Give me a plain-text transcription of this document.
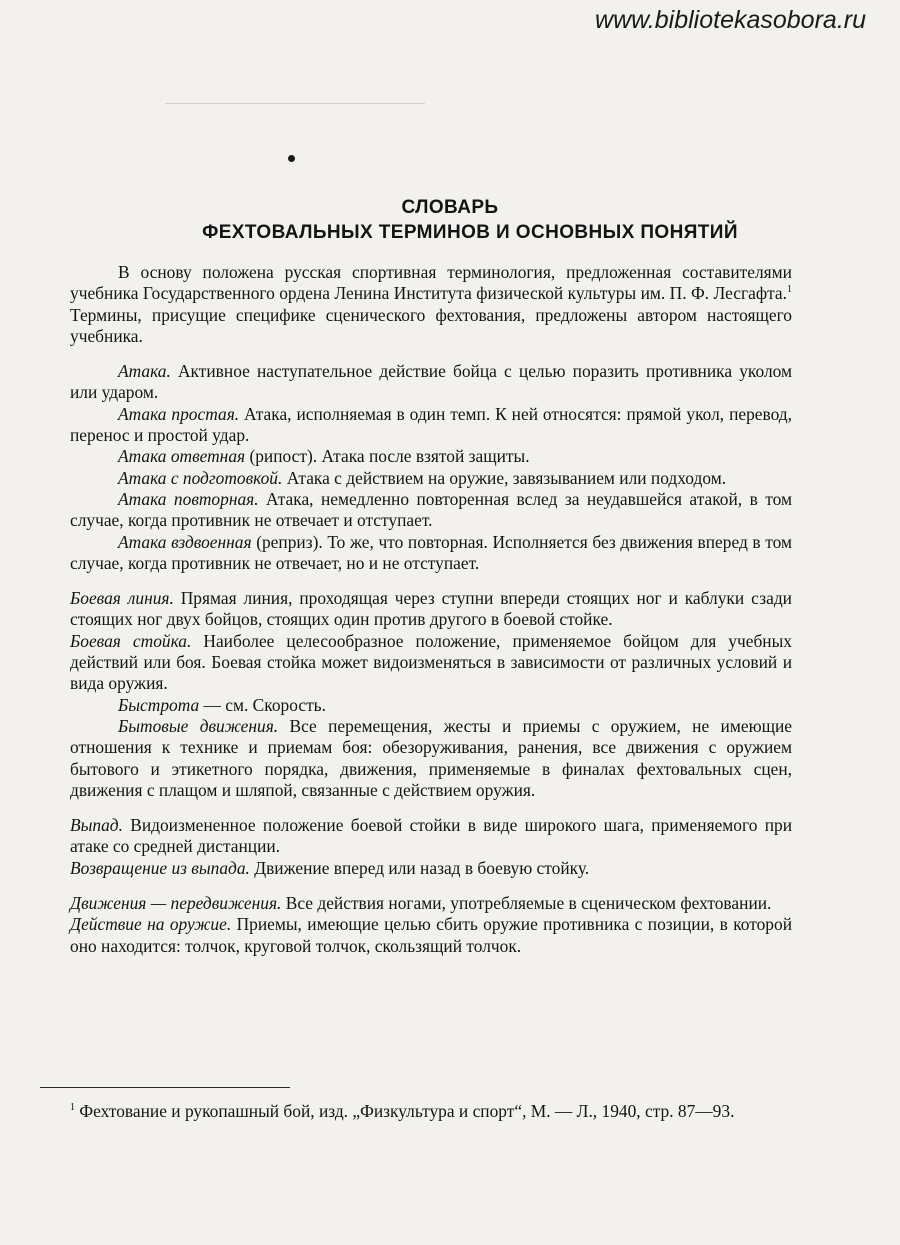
www.bibliotekasobora.ru
СЛОВАРЬ
ФЕХТОВАЛЬНЫХ ТЕРМИНОВ И ОСНОВНЫХ ПОНЯТИЙ

В основу положена русская спортивная терминология, предложенная составителями учебника Государственного ордена Ленина Института физической культуры им. П. Ф. Лесгафта.$^1$ Термины, присущие специфике сценического фехтования, предложены автором настоящего учебника.

Атака. Активное наступательное действие бойца с целью поразить противника уколом или ударом.

Атака простая. Атака, исполняемая в один темп. К ней относятся: прямой укол, перевод, перенос и простой удар.

Атака ответная (рипост). Атака после взятой защиты.

Атака с подготовкой. Атака с действием на оружие, завязыванием или подходом.

Атака повторная. Атака, немедленно повторенная вслед за неудавшейся атакой, в том случае, когда противник не отвечает и отступает.

Атака вздвоенная (реприз). То же, что повторная. Исполняется без движения вперед в том случае, когда противник не отвечает, но и не отступает.

Боевая линия. Прямая линия, проходящая через ступни впереди стоящих ног и каблуки сзади стоящих ног двух бойцов, стоящих один против другого в боевой стойке.

Боевая стойка. Наиболее целесообразное положение, применяемое бойцом для учебных действий или боя. Боевая стойка может видоизменяться в зависимости от различных условий и вида оружия.

Быстрота — см. Скорость.

Бытовые движения. Все перемещения, жесты и приемы с оружием, не имеющие отношения к технике и приемам боя: обезоруживания, ранения, все движения с оружием бытового и этикетного порядка, движения, применяемые в финалах фехтовальных сцен, движения с плащом и шляпой, связанные с действием оружия.

Выпад. Видоизмененное положение боевой стойки в виде широкого шага, применяемого при атаке со средней дистанции.

Возвращение из выпада. Движение вперед или назад в боевую стойку.

Движения — передвижения. Все действия ногами, употребляемые в сценическом фехтовании.

Действие на оружие. Приемы, имеющие целью сбить оружие противника с позиции, в которой оно находится: толчок, круговой толчок, скользящий толчок.

$^1$ Фехтование и рукопашный бой, изд. „Физкультура и спорт“, М. — Л., 1940, стр. 87—93.
